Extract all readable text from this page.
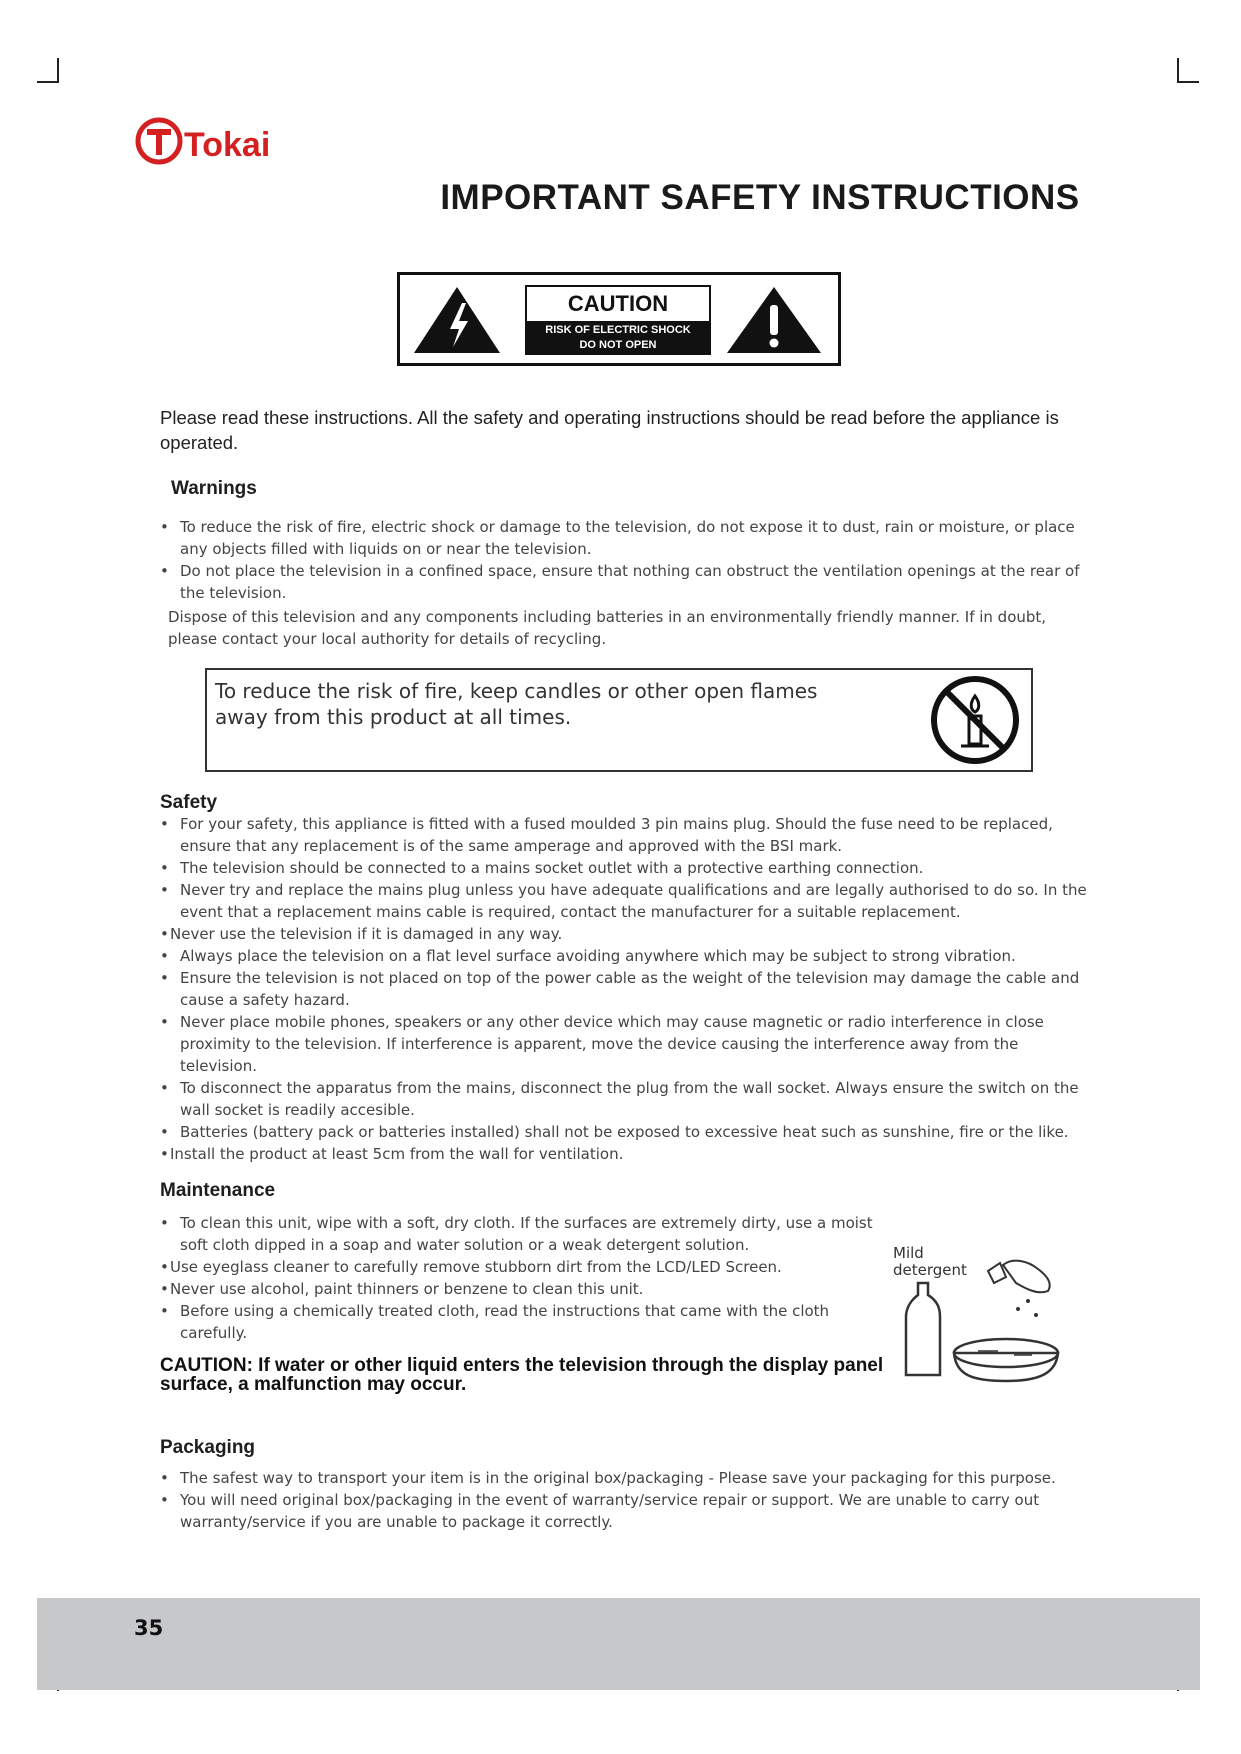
Tokai
IMPORTANT SAFETY INSTRUCTIONS
CAUTION
RISK OF ELECTRIC SHOCK
DO NOT OPEN
Please read these instructions. All the safety and operating instructions should be read before the appliance is operated.
Warnings
• To reduce the risk of fire, electric shock or damage to the television, do not expose it to dust, rain or moisture, or place any objects filled with liquids on or near the television.
• Do not place the television in a confined space, ensure that nothing can obstruct the ventilation openings at the rear of the television.

Dispose of this television and any components including batteries in an environmentally friendly manner. If in doubt, please contact your local authority for details of recycling.

To reduce the risk of fire, keep candles or other open flames away from this product at all times.
Safety
• For your safety, this appliance is fitted with a fused moulded 3 pin mains plug. Should the fuse need to be replaced, ensure that any replacement is of the same amperage and approved with the BSI mark.
• The television should be connected to a mains socket outlet with a protective earthing connection.
• Never try and replace the mains plug unless you have adequate qualifications and are legally authorised to do so. In the event that a replacement mains cable is required, contact the manufacturer for a suitable replacement.
• Never use the television if it is damaged in any way.
• Always place the television on a flat level surface avoiding anywhere which may be subject to strong vibration.
• Ensure the television is not placed on top of the power cable as the weight of the television may damage the cable and cause a safety hazard.
• Never place mobile phones, speakers or any other device which may cause magnetic or radio interference in close proximity to the television. If interference is apparent, move the device causing the interference away from the television.
• To disconnect the apparatus from the mains, disconnect the plug from the wall socket. Always ensure the switch on the wall socket is readily accesible.
• Batteries (battery pack or batteries installed) shall not be exposed to excessive heat such as sunshine, fire or the like.
• Install the product at least 5cm from the wall for ventilation.
Maintenance
• To clean this unit, wipe with a soft, dry cloth. If the surfaces are extremely dirty, use a moist soft cloth dipped in a soap and water solution or a weak detergent solution.
• Use eyeglass cleaner to carefully remove stubborn dirt from the LCD/LED Screen.
• Never use alcohol, paint thinners or benzene to clean this unit.
• Before using a chemically treated cloth, read the instructions that came with the cloth carefully.
Mild
detergent
CAUTION: If water or other liquid enters the television through the display panel surface, a malfunction may occur.
Packaging
• The safest way to transport your item is in the original box/packaging - Please save your packaging for this purpose.
• You will need original box/packaging in the event of warranty/service repair or support. We are unable to carry out warranty/service if you are unable to package it correctly.
35
